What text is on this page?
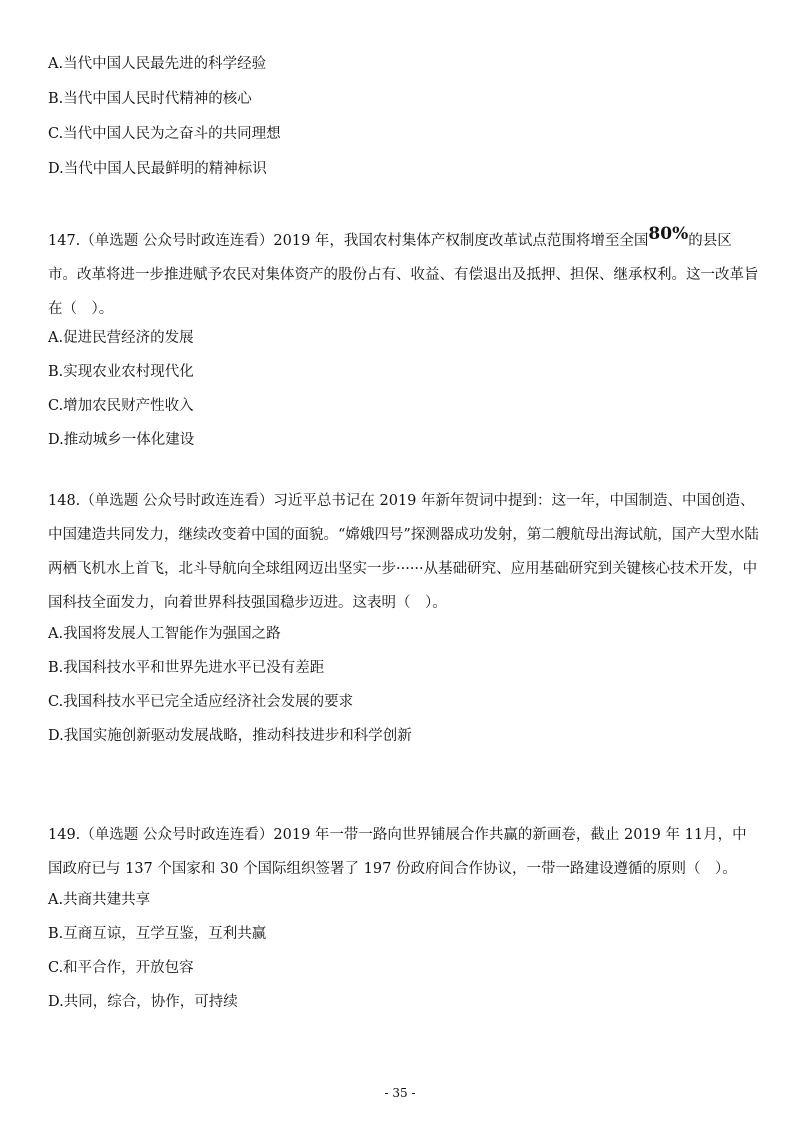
A.当代中国人民最先进的科学经验
B.当代中国人民时代精神的核心
C.当代中国人民为之奋斗的共同理想
D.当代中国人民最鲜明的精神标识
147.（单选题 公众号时政连连看）2019 年，我国农村集体产权制度改革试点范围将增至全国80%的县区市。改革将进一步推进赋予农民对集体资产的股份占有、收益、有偿退出及抵押、担保、继承权利。这一改革旨在（　）。
A.促进民营经济的发展
B.实现农业农村现代化
C.增加农民财产性收入
D.推动城乡一体化建设
148.（单选题 公众号时政连连看）习近平总书记在 2019 年新年贺词中提到：这一年，中国制造、中国创造、中国建造共同发力，继续改变着中国的面貌。“嫦娥四号”探测器成功发射，第二艘航母出海试航，国产大型水陆两栖飞机水上首飞，北斗导航向全球组网迈出坚实一步······从基础研究、应用基础研究到关键核心技术开发，中国科技全面发力，向着世界科技强国稳步迈进。这表明（　）。
A.我国将发展人工智能作为强国之路
B.我国科技水平和世界先进水平已没有差距
C.我国科技水平已完全适应经济社会发展的要求
D.我国实施创新驱动发展战略，推动科技进步和科学创新
149.（单选题 公众号时政连连看）2019 年一带一路向世界铺展合作共赢的新画卷，截止 2019 年 11月，中国政府已与 137 个国家和 30 个国际组织签署了 197 份政府间合作协议，一带一路建设遵循的原则（　）。
A.共商共建共享
B.互商互谅，互学互鉴，互利共赢
C.和平合作，开放包容
D.共同，综合，协作，可持续
- 35 -
